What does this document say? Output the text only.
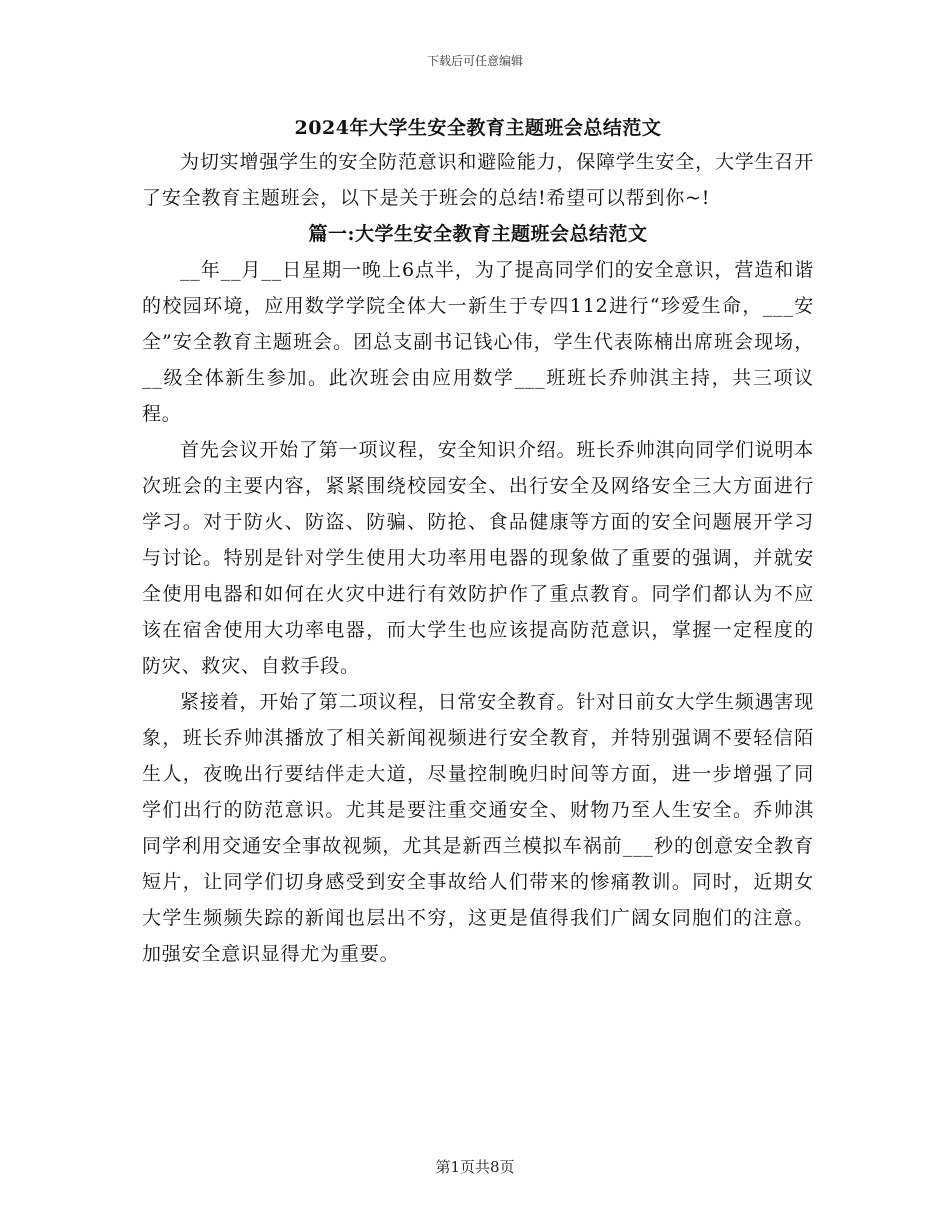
下载后可任意编辑
2024年大学生安全教育主题班会总结范文

为切实增强学生的安全防范意识和避险能力，保障学生安全，大学生召开了安全教育主题班会，以下是关于班会的总结!希望可以帮到你~!

篇一:大学生安全教育主题班会总结范文

__年__月__日星期一晚上6点半，为了提高同学们的安全意识，营造和谐的校园环境，应用数学学院全体大一新生于专四112进行“珍爱生命，___安全”安全教育主题班会。团总支副书记钱心伟，学生代表陈楠出席班会现场，__级全体新生参加。此次班会由应用数学___班班长乔帅淇主持，共三项议程。

首先会议开始了第一项议程，安全知识介绍。班长乔帅淇向同学们说明本次班会的主要内容，紧紧围绕校园安全、出行安全及网络安全三大方面进行学习。对于防火、防盗、防骗、防抢、食品健康等方面的安全问题展开学习与讨论。特别是针对学生使用大功率用电器的现象做了重要的强调，并就安全使用电器和如何在火灾中进行有效防护作了重点教育。同学们都认为不应该在宿舍使用大功率电器，而大学生也应该提高防范意识，掌握一定程度的防灾、救灾、自救手段。

紧接着，开始了第二项议程，日常安全教育。针对日前女大学生频遇害现象，班长乔帅淇播放了相关新闻视频进行安全教育，并特别强调不要轻信陌生人，夜晚出行要结伴走大道，尽量控制晚归时间等方面，进一步增强了同学们出行的防范意识。尤其是要注重交通安全、财物乃至人生安全。乔帅淇同学利用交通安全事故视频，尤其是新西兰模拟车祸前___秒的创意安全教育短片，让同学们切身感受到安全事故给人们带来的惨痛教训。同时，近期女大学生频频失踪的新闻也层出不穷，这更是值得我们广阔女同胞们的注意。加强安全意识显得尤为重要。

第1页共8页
